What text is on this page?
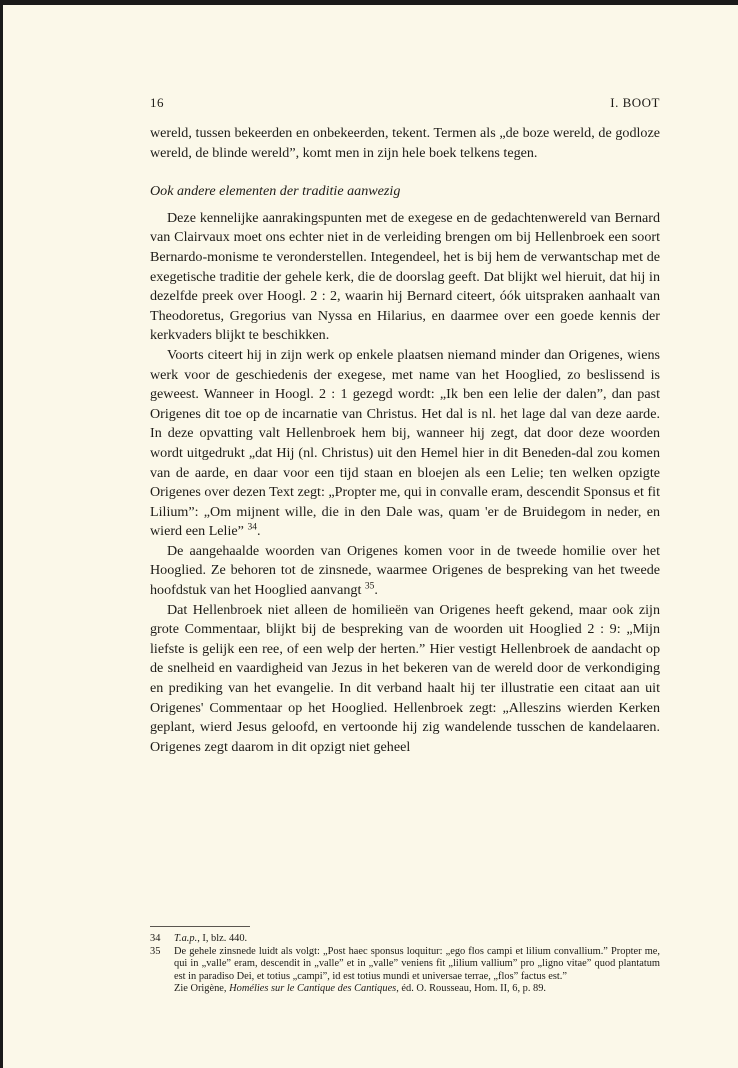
16	I. BOOT

wereld, tussen bekeerden en onbekeerden, tekent. Termen als „de boze wereld, de godloze wereld, de blinde wereld”, komt men in zijn hele boek telkens tegen.

Ook andere elementen der traditie aanwezig

Deze kennelijke aanrakingspunten met de exegese en de gedachtenwereld van Bernard van Clairvaux moet ons echter niet in de verleiding brengen om bij Hellenbroek een soort Bernardo-monisme te veronderstellen. Integendeel, het is bij hem de verwantschap met de exegetische traditie der gehele kerk, die de doorslag geeft. Dat blijkt wel hieruit, dat hij in dezelfde preek over Hoogl. 2 : 2, waarin hij Bernard citeert, óók uitspraken aanhaalt van Theodoretus, Gregorius van Nyssa en Hilarius, en daarmee over een goede kennis der kerkvaders blijkt te beschikken.

Voorts citeert hij in zijn werk op enkele plaatsen niemand minder dan Origenes, wiens werk voor de geschiedenis der exegese, met name van het Hooglied, zo beslissend is geweest. Wanneer in Hoogl. 2 : 1 gezegd wordt: „Ik ben een lelie der dalen”, dan past Origenes dit toe op de incarnatie van Christus. Het dal is nl. het lage dal van deze aarde. In deze opvatting valt Hellenbroek hem bij, wanneer hij zegt, dat door deze woorden wordt uitgedrukt „dat Hij (nl. Christus) uit den Hemel hier in dit Beneden-dal zou komen van de aarde, en daar voor een tijd staan en bloejen als een Lelie; ten welken opzigte Origenes over dezen Text zegt: „Propter me, qui in convalle eram, descendit Sponsus et fit Lilium”: „Om mijnent wille, die in den Dale was, quam 'er de Bruidegom in neder, en wierd een Lelie” $^{34}$.

De aangehaalde woorden van Origenes komen voor in de tweede homilie over het Hooglied. Ze behoren tot de zinsnede, waarmee Origenes de bespreking van het tweede hoofdstuk van het Hooglied aanvangt $^{35}$.

Dat Hellenbroek niet alleen de homilieën van Origenes heeft gekend, maar ook zijn grote Commentaar, blijkt bij de bespreking van de woorden uit Hooglied 2 : 9: „Mijn liefste is gelijk een ree, of een welp der herten.” Hier vestigt Hellenbroek de aandacht op de snelheid en vaardigheid van Jezus in het bekeren van de wereld door de verkondiging en prediking van het evangelie. In dit verband haalt hij ter illustratie een citaat aan uit Origenes' Commentaar op het Hooglied. Hellenbroek zegt: „Alleszins wierden Kerken geplant, wierd Jesus geloofd, en vertoonde hij zig wandelende tusschen de kandelaaren. Origenes zegt daarom in dit opzigt niet geheel

34 T.a.p., I, blz. 440.
35 De gehele zinsnede luidt als volgt: „Post haec sponsus loquitur: „ego flos campi et lilium convallium.” Propter me, qui in „valle” eram, descendit in „valle” et in „valle” veniens fit „lilium vallium” pro „ligno vitae” quod plantatum est in paradiso Dei, et totius „campi”, id est totius mundi et universae terrae, „flos” factus est.”
Zie Origène, Homélies sur le Cantique des Cantiques, éd. O. Rousseau, Hom. II, 6, p. 89.
